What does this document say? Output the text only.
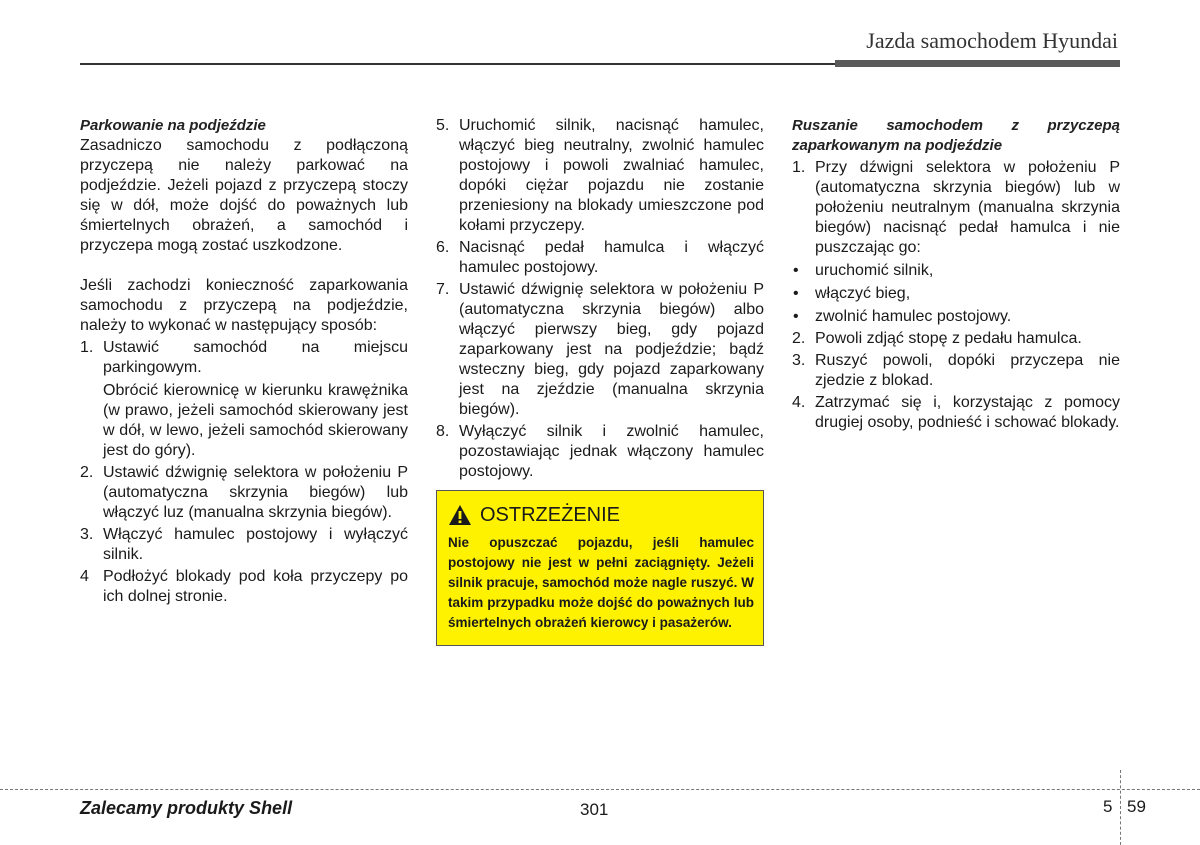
Jazda samochodem Hyundai
Parkowanie na podjeździe

Zasadniczo samochodu z podłączoną przyczepą nie należy parkować na podjeździe. Jeżeli pojazd z przyczepą stoczy się w dół, może dojść do poważnych lub śmiertelnych obrażeń, a samochód i przyczepa mogą zostać uszkodzone.

Jeśli zachodzi konieczność zaparkowania samochodu z przyczepą na podjeździe, należy to wykonać w następujący sposób:

1. Ustawić samochód na miejscu parkingowym.
Obrócić kierownicę w kierunku krawężnika (w prawo, jeżeli samochód skierowany jest w dół, w lewo, jeżeli samochód skierowany jest do góry).
2. Ustawić dźwignię selektora w położeniu P (automatyczna skrzynia biegów) lub włączyć luz (manualna skrzynia biegów).
3. Włączyć hamulec postojowy i wyłączyć silnik.
4 Podłożyć blokady pod koła przyczepy po ich dolnej stronie.
5. Uruchomić silnik, nacisnąć hamulec, włączyć bieg neutralny, zwolnić hamulec postojowy i powoli zwalniać hamulec, dopóki ciężar pojazdu nie zostanie przeniesiony na blokady umieszczone pod kołami przyczepy.
6. Nacisnąć pedał hamulca i włączyć hamulec postojowy.
7. Ustawić dźwignię selektora w położeniu P (automatyczna skrzynia biegów) albo włączyć pierwszy bieg, gdy pojazd zaparkowany jest na podjeździe; bądź wsteczny bieg, gdy pojazd zaparkowany jest na zjeździe (manualna skrzynia biegów).
8. Wyłączyć silnik i zwolnić hamulec, pozostawiając jednak włączony hamulec postojowy.
OSTRZEŻENIE
Nie opuszczać pojazdu, jeśli hamulec postojowy nie jest w pełni zaciągnięty. Jeżeli silnik pracuje, samochód może nagle ruszyć. W takim przypadku może dojść do poważnych lub śmiertelnych obrażeń kierowcy i pasażerów.
Ruszanie samochodem z przyczepą zaparkowanym na podjeździe
1. Przy dźwigni selektora w położeniu P (automatyczna skrzynia biegów) lub w położeniu neutralnym (manualna skrzynia biegów) nacisnąć pedał hamulca i nie puszczając go:
• uruchomić silnik,
• włączyć bieg,
• zwolnić hamulec postojowy.
2. Powoli zdjąć stopę z pedału hamulca.
3. Ruszyć powoli, dopóki przyczepa nie zjedzie z blokad.
4. Zatrzymać się i, korzystając z pomocy drugiej osoby, podnieść i schować blokady.
Zalecamy produkty Shell	301	5 59
